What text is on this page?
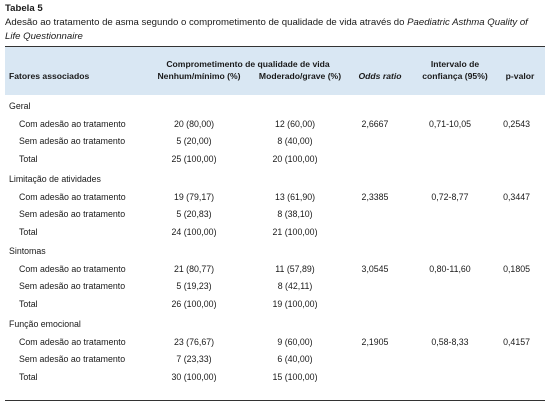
Tabela 5
Adesão ao tratamento de asma segundo o comprometimento de qualidade de vida através do Paediatric Asthma Quality of Life Questionnaire
Fatores associados
Comprometimento de qualidade de vida
Nenhum/mínimo (%)	Moderado/grave (%)	Odds ratio
Intervalo de
confiança (95%)	p-valor
Geral
Com adesão ao tratamento	20 (80,00)	12 (60,00)	2,6667	0,71-10,05	0,2543
Sem adesão ao tratamento	5 (20,00)	8 (40,00)
Total	25 (100,00)	20 (100,00)
Limitação de atividades
Com adesão ao tratamento	19 (79,17)	13 (61,90)	2,3385	0,72-8,77	0,3447
Sem adesão ao tratamento	5 (20,83)	8 (38,10)
Total	24 (100,00)	21 (100,00)
Sintomas
Com adesão ao tratamento	21 (80,77)	11 (57,89)	3,0545	0,80-11,60	0,1805
Sem adesão ao tratamento	5 (19,23)	8 (42,11)
Total	26 (100,00)	19 (100,00)
Função emocional
Com adesão ao tratamento	23 (76,67)	9 (60,00)	2,1905	0,58-8,33	0,4157
Sem adesão ao tratamento	7 (23,33)	6 (40,00)
Total	30 (100,00)	15 (100,00)
